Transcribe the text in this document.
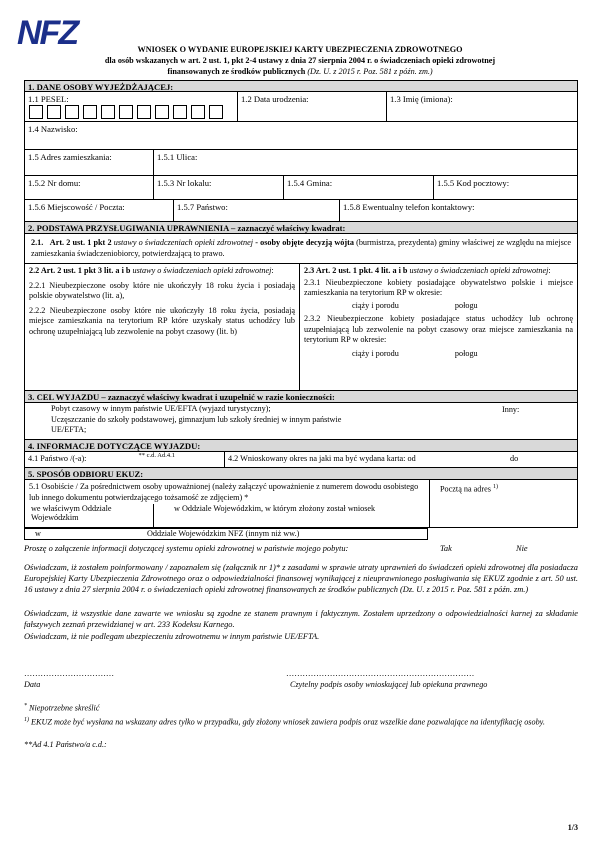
NFZ	WNIOSEK O WYDANIE EUROPEJSKIEJ KARTY UBEZPIECZENIA ZDROWOTNEGO
dla osób wskazanych w art. 2 ust. 1, pkt 2-4 ustawy z dnia 27 sierpnia 2004 r. o świadczeniach opieki zdrowotnej
finansowanych ze środków publicznych (Dz. U. z 2015 r. Poz. 581 z późn. zm.)
1. DANE OSOBY WYJEŻDŻAJĄCEJ:
1.1 PESEL:	1.2 Data urodzenia:	1.3 Imię (imiona):
1.4 Nazwisko:
1.5 Adres zamieszkania:	1.5.1 Ulica:
1.5.2 Nr domu:	1.5.3 Nr lokalu:	1.5.4 Gmina:	1.5.5 Kod pocztowy:
1.5.6 Miejscowość / Poczta:	1.5.7 Państwo:	1.5.8 Ewentualny telefon kontaktowy:
2. PODSTAWA PRZYSŁUGIWANIA UPRAWNIENIA – zaznaczyć właściwy kwadrat:
2.1. Art. 2 ust. 1 pkt 2 ustawy o świadczeniach opieki zdrowotnej - osoby objęte decyzją wójta (burmistrza, prezydenta) gminy właściwej ze względu na miejsce zamieszkania świadczeniobiorcy, potwierdzającą to prawo.
2.2 Art. 2 ust. 1 pkt 3 lit. a i b ustawy o świadczeniach opieki zdrowotnej:
2.2.1 Nieubezpieczone osoby które nie ukończyły 18 roku życia i posiadają polskie obywatelstwo (lit. a),
2.2.2 Nieubezpieczone osoby które nie ukończyły 18 roku życia, posiadają miejsce zamieszkania na terytorium RP które uzyskały status uchodźcy lub ochronę uzupełniającą lub zezwolenie na pobyt czasowy (lit. b)
2.3 Art. 2 ust. 1 pkt. 4 lit. a i b ustawy o świadczeniach opieki zdrowotnej:
2.3.1 Nieubezpieczone kobiety posiadające obywatelstwo polskie i miejsce zamieszkania na terytorium RP w okresie:
ciąży i porodu	połogu
2.3.2 Nieubezpieczone kobiety posiadające status uchodźcy lub ochronę uzupełniającą lub zezwolenie na pobyt czasowy oraz miejsce zamieszkania na terytorium RP w okresie:
ciąży i porodu	połogu
3. CEL WYJAZDU – zaznaczyć właściwy kwadrat i uzupełnić w razie konieczności:
Pobyt czasowy w innym państwie UE/EFTA (wyjazd turystyczny);
Uczęszczanie do szkoły podstawowej, gimnazjum lub szkoły średniej w innym państwie UE/EFTA;
Inny:
4. INFORMACJE DOTYCZĄCE WYJAZDU:
4.1 Państwo /(-a):	** c.d. Ad.4.1	4.2 Wnioskowany okres na jaki ma być wydana karta: od	do
5. SPOSÓB ODBIORU EKUZ:
5.1 Osobiście / Za pośrednictwem osoby upoważnionej (należy załączyć upoważnienie z numerem dowodu osobistego lub innego dokumentu potwierdzającego tożsamość ze zdjęciem) *
Pocztą na adres $^{1)}$
we właściwym Oddziale Wojewódzkim
w Oddziale Wojewódzkim, w którym złożony został wniosek
w	Oddziale Wojewódzkim NFZ (innym niż ww.)
Proszę o załączenie informacji dotyczącej systemu opieki zdrowotnej w państwie mojego pobytu:	Tak	Nie
Oświadczam, iż zostałem poinformowany / zapoznałem się (załącznik nr 1)* z zasadami w sprawie utraty uprawnień do świadczeń opieki zdrowotnej dla posiadacza Europejskiej Karty Ubezpieczenia Zdrowotnego oraz o odpowiedzialności finansowej wynikającej z nieuprawnionego posługiwania się EKUZ zgodnie z art. 50 ust. 16 ustawy z dnia 27 sierpnia 2004 r. o świadczeniach opieki zdrowotnej finansowanych ze środków publicznych (Dz. U. z 2015 r. Poz. 581 z późn. zm.)
Oświadczam, iż wszystkie dane zawarte we wniosku są zgodne ze stanem prawnym i faktycznym. Zostałem uprzedzony o odpowiedzialności karnej za składanie fałszywych zeznań przewidzianej w art. 233 Kodeksu Karnego.
Oświadczam, iż nie podlegam ubezpieczeniu zdrowotnemu w innym państwie UE/EFTA.
……………………………	……………………………………………………………
Data	Czytelny podpis osoby wnioskującej lub opiekuna prawnego
* Niepotrzebne skreślić
$^{1)}$ EKUZ może być wysłana na wskazany adres tylko w przypadku, gdy złożony wniosek zawiera podpis oraz wszelkie dane pozwalające na identyfikację osoby.
**Ad 4.1 Państwo/a c.d.:
1/3
